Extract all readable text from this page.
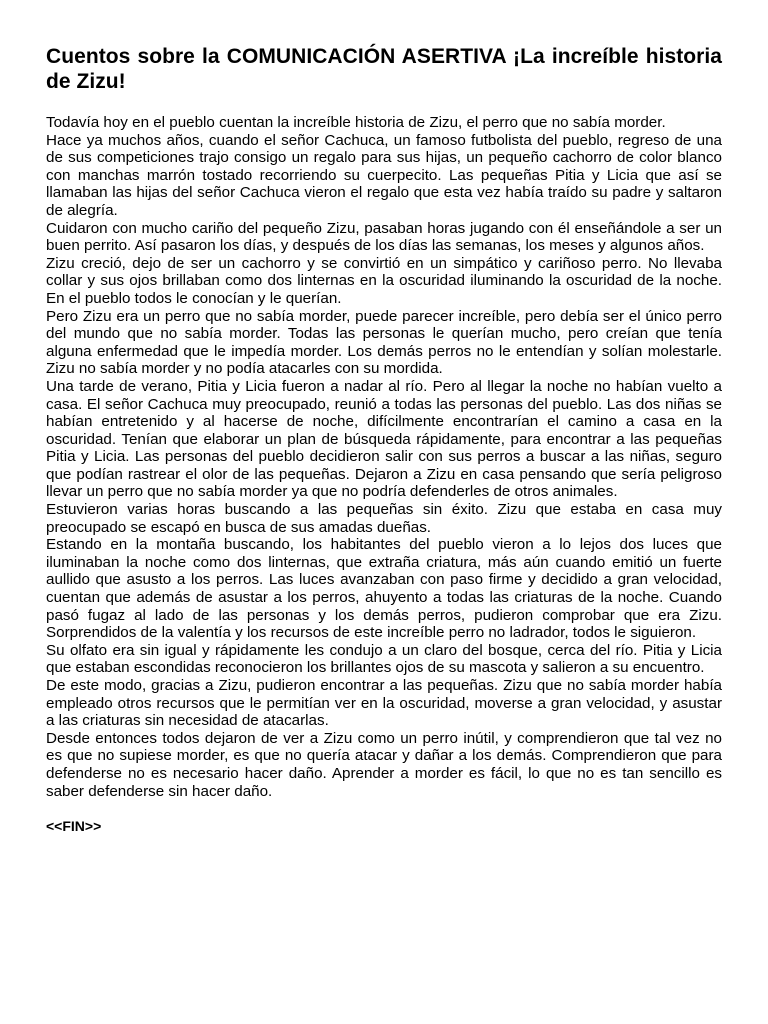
Cuentos sobre la COMUNICACIÓN ASERTIVA ¡La increíble historia de Zizu!

Todavía hoy en el pueblo cuentan la increíble historia de Zizu, el perro que no sabía morder.

Hace ya muchos años, cuando el señor Cachuca, un famoso futbolista del pueblo, regreso de una de sus competiciones trajo consigo un regalo para sus hijas, un pequeño cachorro de color blanco con manchas marrón tostado recorriendo su cuerpecito. Las pequeñas Pitia y Licia que así se llamaban las hijas del señor Cachuca vieron el regalo que esta vez había traído su padre y saltaron de alegría.

Cuidaron con mucho cariño del pequeño Zizu, pasaban horas jugando con él enseñándole a ser un buen perrito. Así pasaron los días, y después de los días las semanas, los meses y algunos años.

Zizu creció, dejo de ser un cachorro y se convirtió en un simpático y cariñoso perro. No llevaba collar y sus ojos brillaban como dos linternas en la oscuridad iluminando la oscuridad de la noche. En el pueblo todos le conocían y le querían.

Pero Zizu era un perro que no sabía morder, puede parecer increíble, pero debía ser el único perro del mundo que no sabía morder. Todas las personas le querían mucho, pero creían que tenía alguna enfermedad que le impedía morder. Los demás perros no le entendían y solían molestarle. Zizu no sabía morder y no podía atacarles con su mordida.

Una tarde de verano, Pitia y Licia fueron a nadar al río. Pero al llegar la noche no habían vuelto a casa. El señor Cachuca muy preocupado, reunió a todas las personas del pueblo. Las dos niñas se habían entretenido y al hacerse de noche, difícilmente encontrarían el camino a casa en la oscuridad. Tenían que elaborar un plan de búsqueda rápidamente, para encontrar a las pequeñas Pitia y Licia. Las personas del pueblo decidieron salir con sus perros a buscar a las niñas, seguro que podían rastrear el olor de las pequeñas. Dejaron a Zizu en casa pensando que sería peligroso llevar un perro que no sabía morder ya que no podría defenderles de otros animales.

Estuvieron varias horas buscando a las pequeñas sin éxito. Zizu que estaba en casa muy preocupado se escapó en busca de sus amadas dueñas.

Estando en la montaña buscando, los habitantes del pueblo vieron a lo lejos dos luces que iluminaban la noche como dos linternas, que extraña criatura, más aún cuando emitió un fuerte aullido que asusto a los perros. Las luces avanzaban con paso firme y decidido a gran velocidad, cuentan que además de asustar a los perros, ahuyento a todas las criaturas de la noche. Cuando pasó fugaz al lado de las personas y los demás perros, pudieron comprobar que era Zizu. Sorprendidos de la valentía y los recursos de este increíble perro no ladrador, todos le siguieron.

Su olfato era sin igual y rápidamente les condujo a un claro del bosque, cerca del río. Pitia y Licia que estaban escondidas reconocieron los brillantes ojos de su mascota y salieron a su encuentro.

De este modo, gracias a Zizu, pudieron encontrar a las pequeñas. Zizu que no sabía morder había empleado otros recursos que le permitían ver en la oscuridad, moverse a gran velocidad, y asustar a las criaturas sin necesidad de atacarlas.

Desde entonces todos dejaron de ver a Zizu como un perro inútil, y comprendieron que tal vez no es que no supiese morder, es que no quería atacar y dañar a los demás. Comprendieron que para defenderse no es necesario hacer daño. Aprender a morder es fácil, lo que no es tan sencillo es saber defenderse sin hacer daño.

<<FIN>>
